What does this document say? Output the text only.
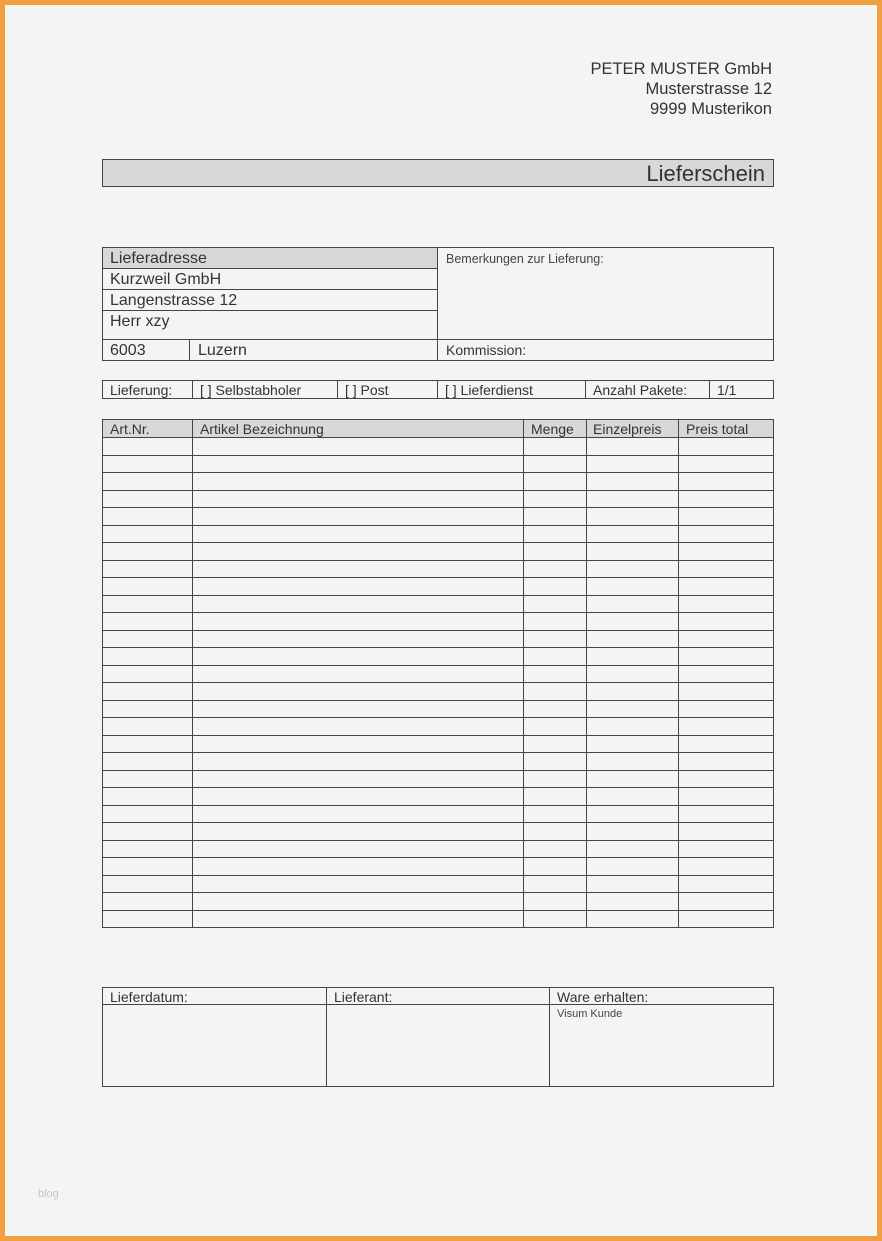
PETER MUSTER GmbH
Musterstrasse 12
9999 Musterikon
Lieferschein
Lieferadresse
Kurzweil GmbH
Langenstrasse 12
Herr xzy
6003	Luzern
Bemerkungen zur Lieferung:
Kommission:
Lieferung:	[ ] Selbstabholer	[ ] Post	[ ] Lieferdienst	Anzahl Pakete:	1/1
Art.Nr.	Artikel Bezeichnung	Menge	Einzelpreis	Preis total
Lieferdatum:	Lieferant:	Ware erhalten:
Visum Kunde
blog
